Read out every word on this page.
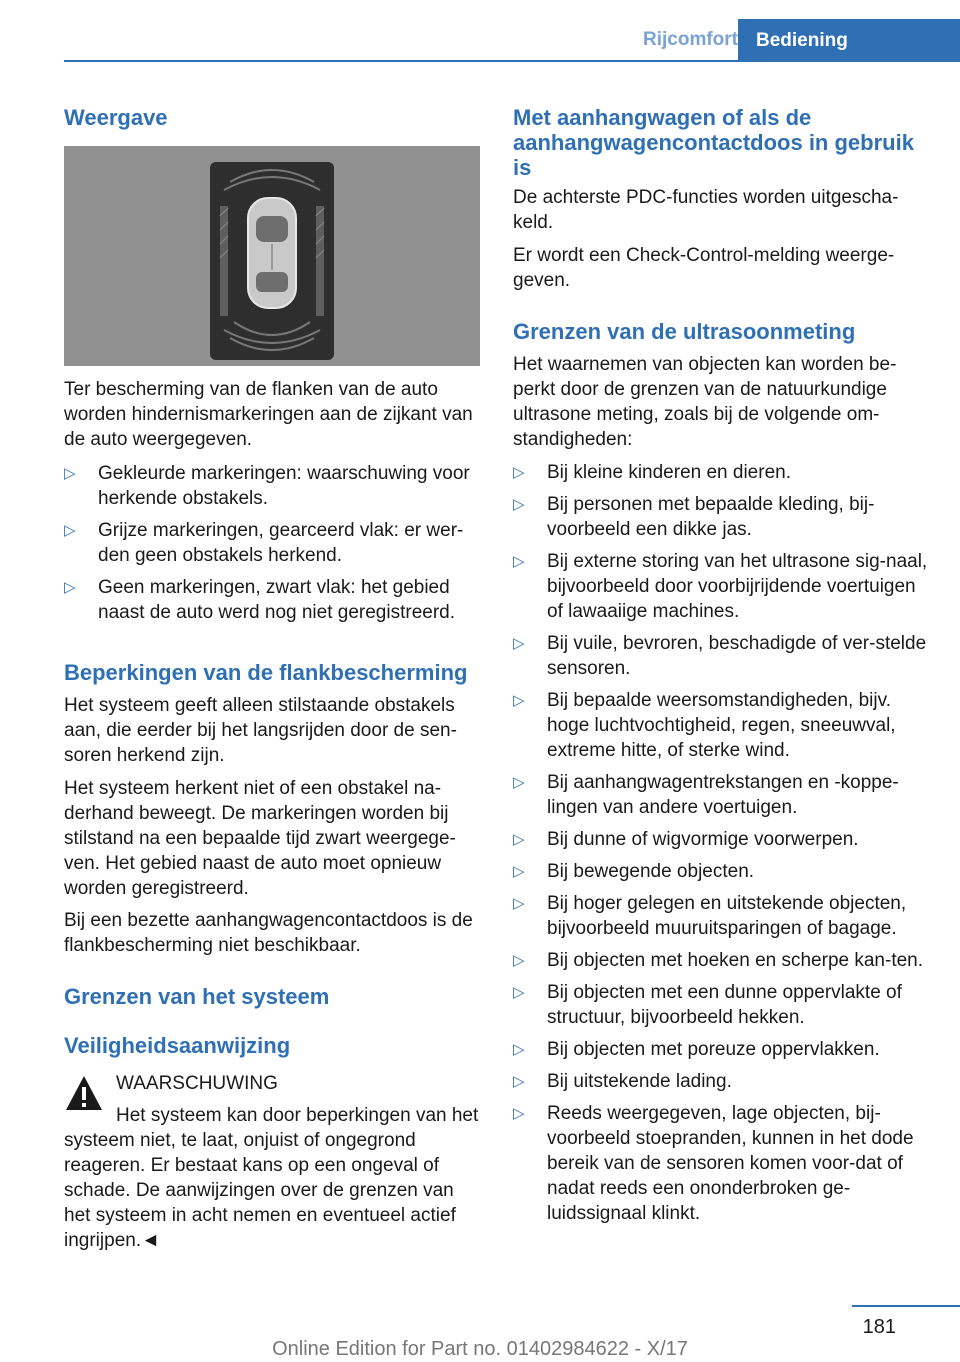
Rijcomfort Bediening
Weergave

Ter bescherming van de flanken van de auto worden hindernismarkeringen aan de zijkant van de auto weergegeven.

▷ Gekleurde markeringen: waarschuwing voor herkende obstakels.
▷ Grijze markeringen, gearceerd vlak: er wer-den geen obstakels herkend.
▷ Geen markeringen, zwart vlak: het gebied naast de auto werd nog niet geregistreerd.
Beperkingen van de flankbescherming

Het systeem geeft alleen stilstaande obstakels aan, die eerder bij het langsrijden door de sen-soren herkend zijn.

Het systeem herkent niet of een obstakel na-derhand beweegt. De markeringen worden bij stilstand na een bepaalde tijd zwart weergege-ven. Het gebied naast de auto moet opnieuw worden geregistreerd.

Bij een bezette aanhangwagencontactdoos is de flankbescherming niet beschikbaar.

Grenzen van het systeem
Veiligheidsaanwijzing
WAARSCHUWING

Het systeem kan door beperkingen van het systeem niet, te laat, onjuist of ongegrond reageren. Er bestaat kans op een ongeval of schade. De aanwijzingen over de grenzen van het systeem in acht nemen en eventueel actief ingrijpen.◄

Met aanhangwagen of als de aanhangwagencontactdoos in gebruik is

De achterste PDC-functies worden uitgescha-keld.

Er wordt een Check-Control-melding weerge-geven.

Grenzen van de ultrasoonmeting

Het waarnemen van objecten kan worden be-perkt door de grenzen van de natuurkundige ultrasone meting, zoals bij de volgende om-standigheden:

▷ Bij kleine kinderen en dieren.
▷ Bij personen met bepaalde kleding, bij-voorbeeld een dikke jas.
▷ Bij externe storing van het ultrasone sig-naal, bijvoorbeeld door voorbijrijdende voertuigen of lawaaiige machines.
▷ Bij vuile, bevroren, beschadigde of ver-stelde sensoren.
▷ Bij bepaalde weersomstandigheden, bijv. hoge luchtvochtigheid, regen, sneeuwval, extreme hitte, of sterke wind.
▷ Bij aanhangwagentrekstangen en -koppe-lingen van andere voertuigen.
▷ Bij dunne of wigvormige voorwerpen.
▷ Bij bewegende objecten.
▷ Bij hoger gelegen en uitstekende objecten, bijvoorbeeld muuruitsparingen of bagage.
▷ Bij objecten met hoeken en scherpe kan-ten.
▷ Bij objecten met een dunne oppervlakte of structuur, bijvoorbeeld hekken.
▷ Bij objecten met poreuze oppervlakken.
▷ Bij uitstekende lading.
▷ Reeds weergegeven, lage objecten, bij-voorbeeld stoepranden, kunnen in het dode bereik van de sensoren komen voor-dat of nadat reeds een ononderbroken ge-luidssignaal klinkt.
181
Online Edition for Part no. 01402984622 - X/17
